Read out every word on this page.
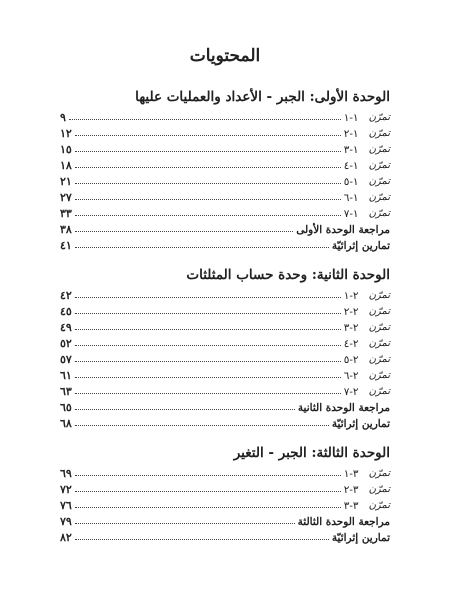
المحتويات
الوحدة الأولى: الجبر - الأعداد والعمليات عليها
تمرّن
١-١
٩
تمرّن
١-٢
١٢
تمرّن
١-٣
١٥
تمرّن
١-٤
١٨
تمرّن
١-٥
٢١
تمرّن
١-٦
٢٧
تمرّن
١-٧
٣٣
مراجعة الوحدة الأولى
٣٨
تمارين إثرائيّة
٤١
الوحدة الثانية: وحدة حساب المثلثات
تمرّن
٢-١
٤٢
تمرّن
٢-٢
٤٥
تمرّن
٢-٣
٤٩
تمرّن
٢-٤
٥٢
تمرّن
٢-٥
٥٧
تمرّن
٢-٦
٦١
تمرّن
٢-٧
٦٣
مراجعة الوحدة الثانية
٦٥
تمارين إثرائيّة
٦٨
الوحدة الثالثة: الجبر - التغير
تمرّن
٣-١
٦٩
تمرّن
٣-٢
٧٢
تمرّن
٣-٣
٧٦
مراجعة الوحدة الثالثة
٧٩
تمارين إثرائيّة
٨٢
